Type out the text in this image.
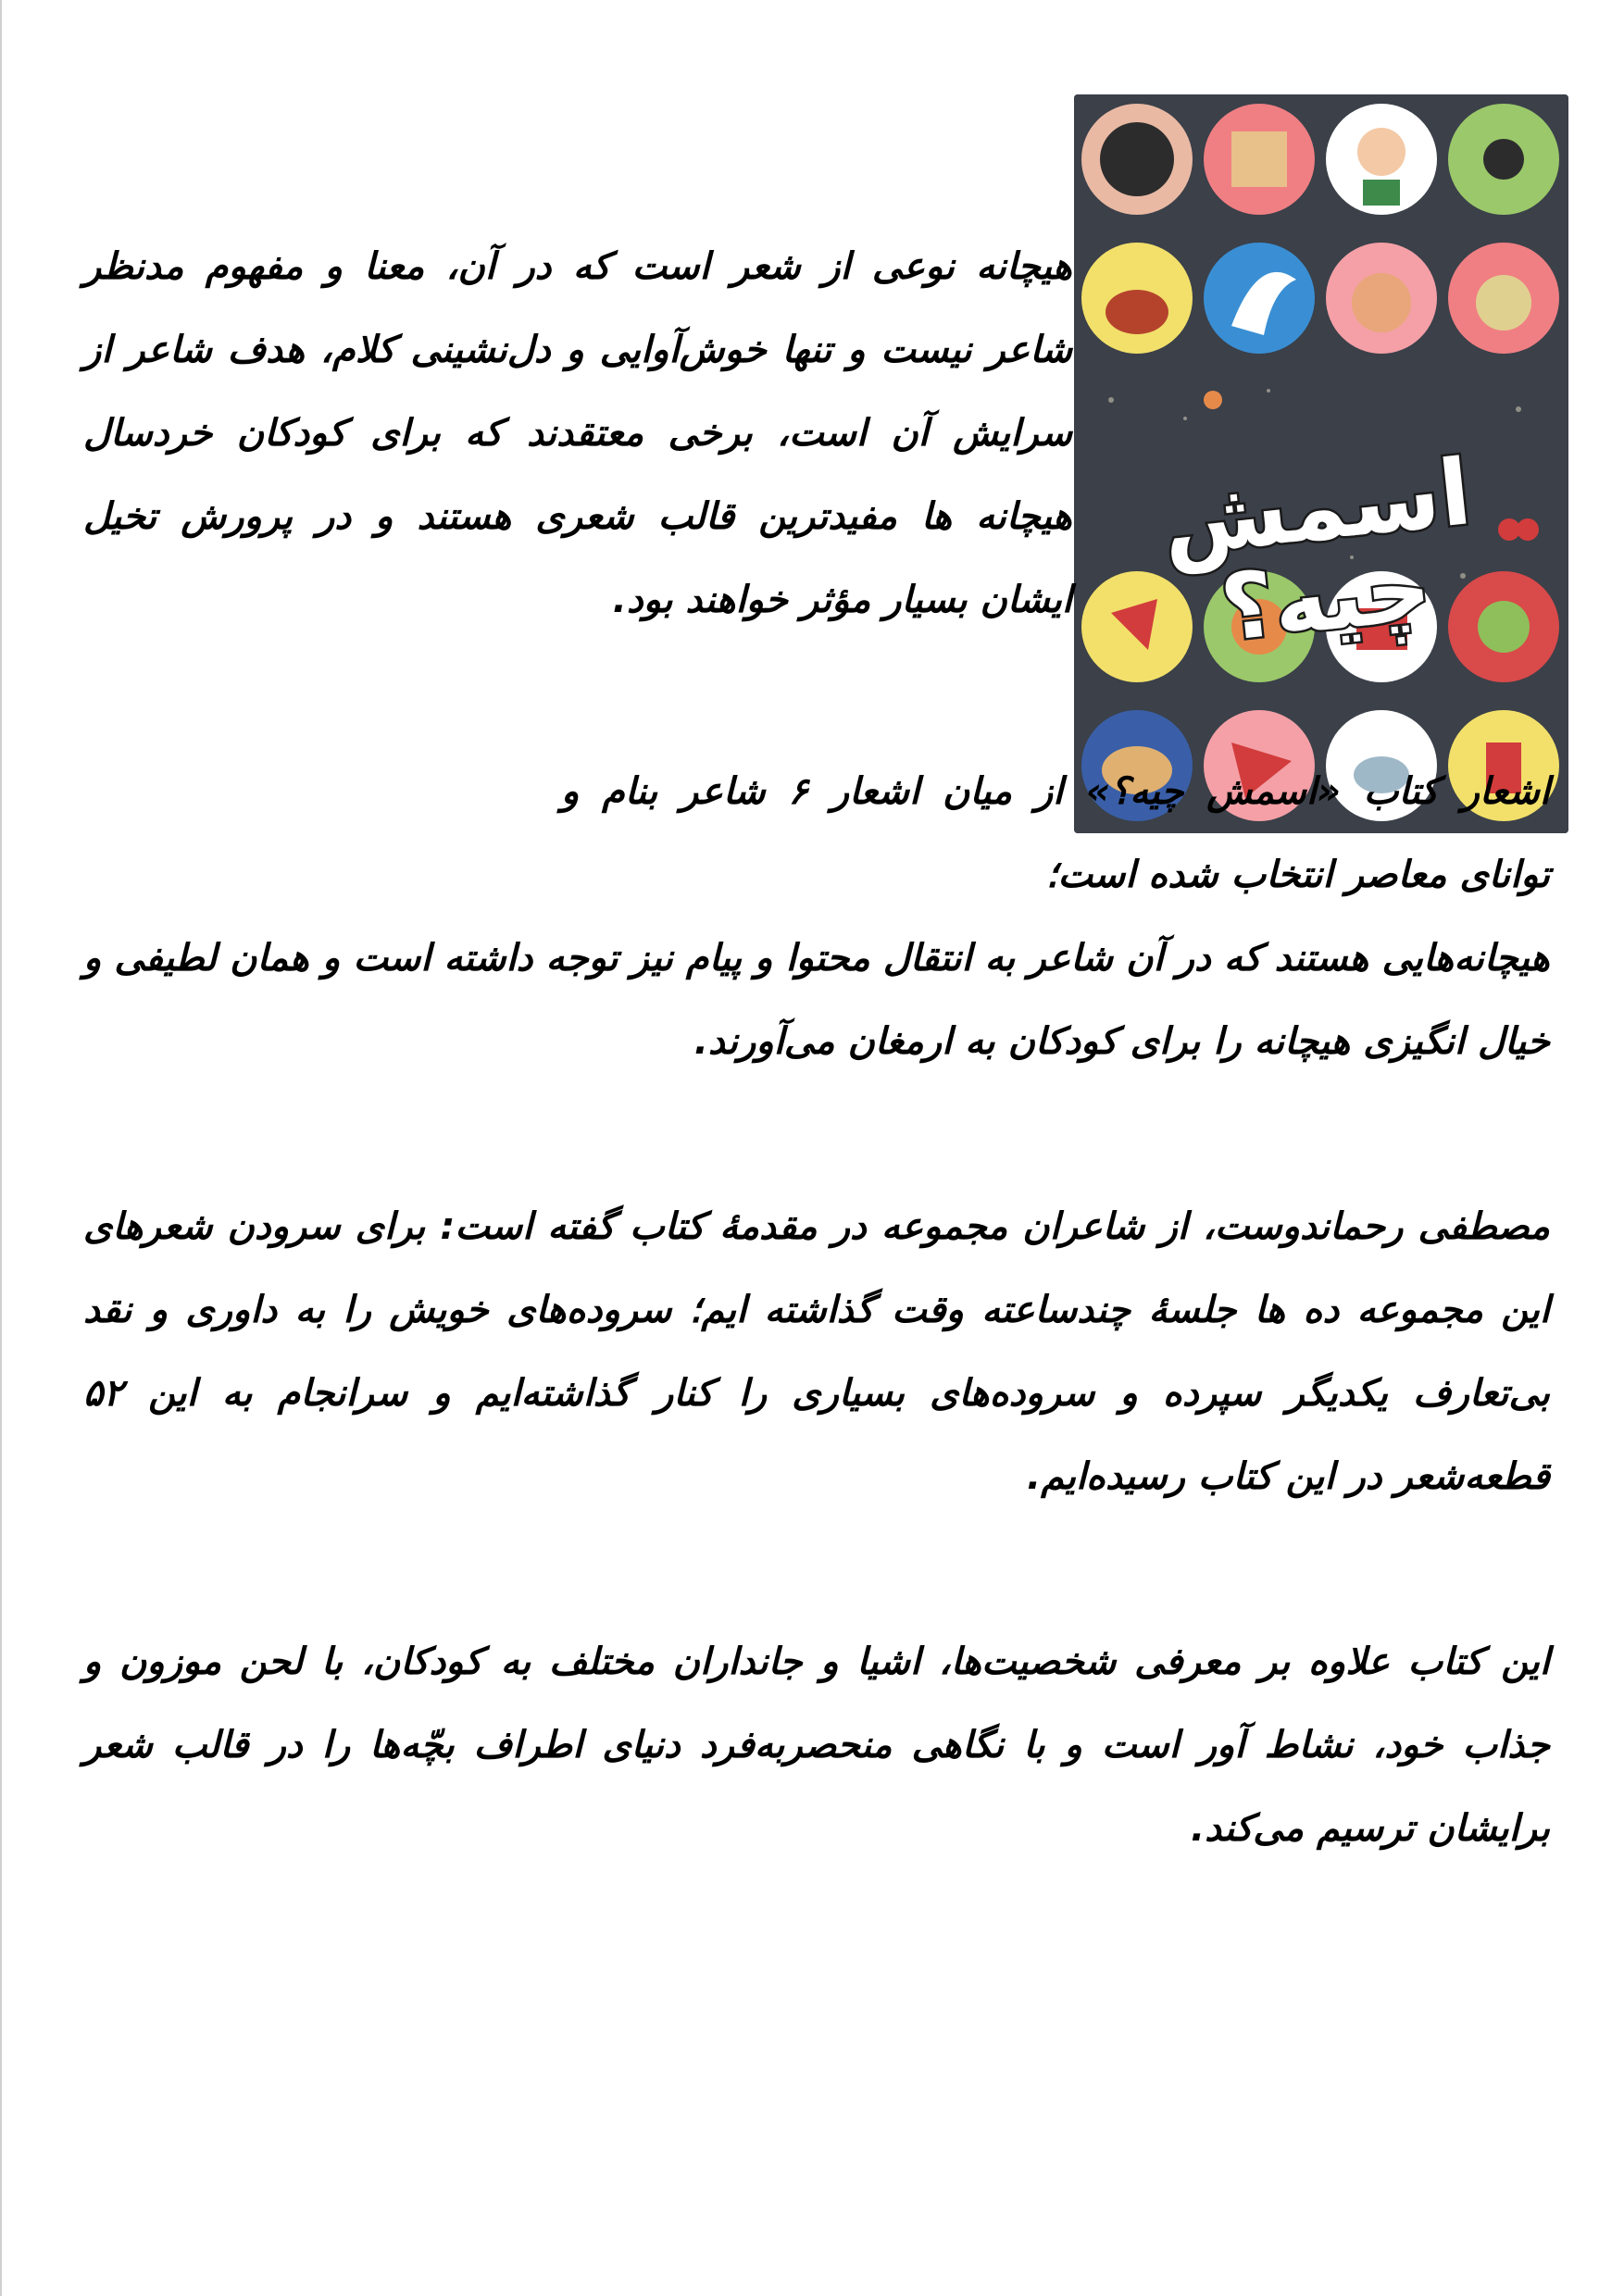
اسمش چیه؟

هیچانه نوعی از شعر است که در آن، معنا و مفهوم مدنظر شاعر نیست و تنها خوش‌آوایی و دل‌نشینی کلام، هدف شاعر از سرایش آن است، برخی معتقدند که برای کودکان خردسال هیچانه ها مفیدترین قالب شعری هستند و در پرورش تخیل ایشان بسیار مؤثر خواهند بود.

اشعار کتاب «اسمش چیه؟» از میان اشعار ۶ شاعر بنام و توانای معاصر انتخاب شده است؛

هیچانه‌هایی هستند که در آن شاعر به انتقال محتوا و پیام نیز توجه داشته است و همان لطیفی و خیال انگیزی هیچانه را برای کودکان به ارمغان می‌آورند.

مصطفی رحماندوست، از شاعران مجموعه در مقدمهٔ کتاب گفته است: برای سرودن شعرهای این مجموعه ده ها جلسهٔ چندساعته وقت گذاشته ایم؛ سروده‌های خویش را به داوری و نقد بی‌تعارف یکدیگر سپرده و سروده‌های بسیاری را کنار گذاشته‌ایم و سرانجام به این ۵۲ قطعه‌شعر در این کتاب رسیده‌ایم.

این کتاب علاوه بر معرفی شخصیت‌ها، اشیا و جانداران مختلف به کودکان، با لحن موزون و جذاب خود، نشاط آور است و با نگاهی منحصربه‌فرد دنیای اطراف بچّه‌ها را در قالب شعر برایشان ترسیم می‌کند.
